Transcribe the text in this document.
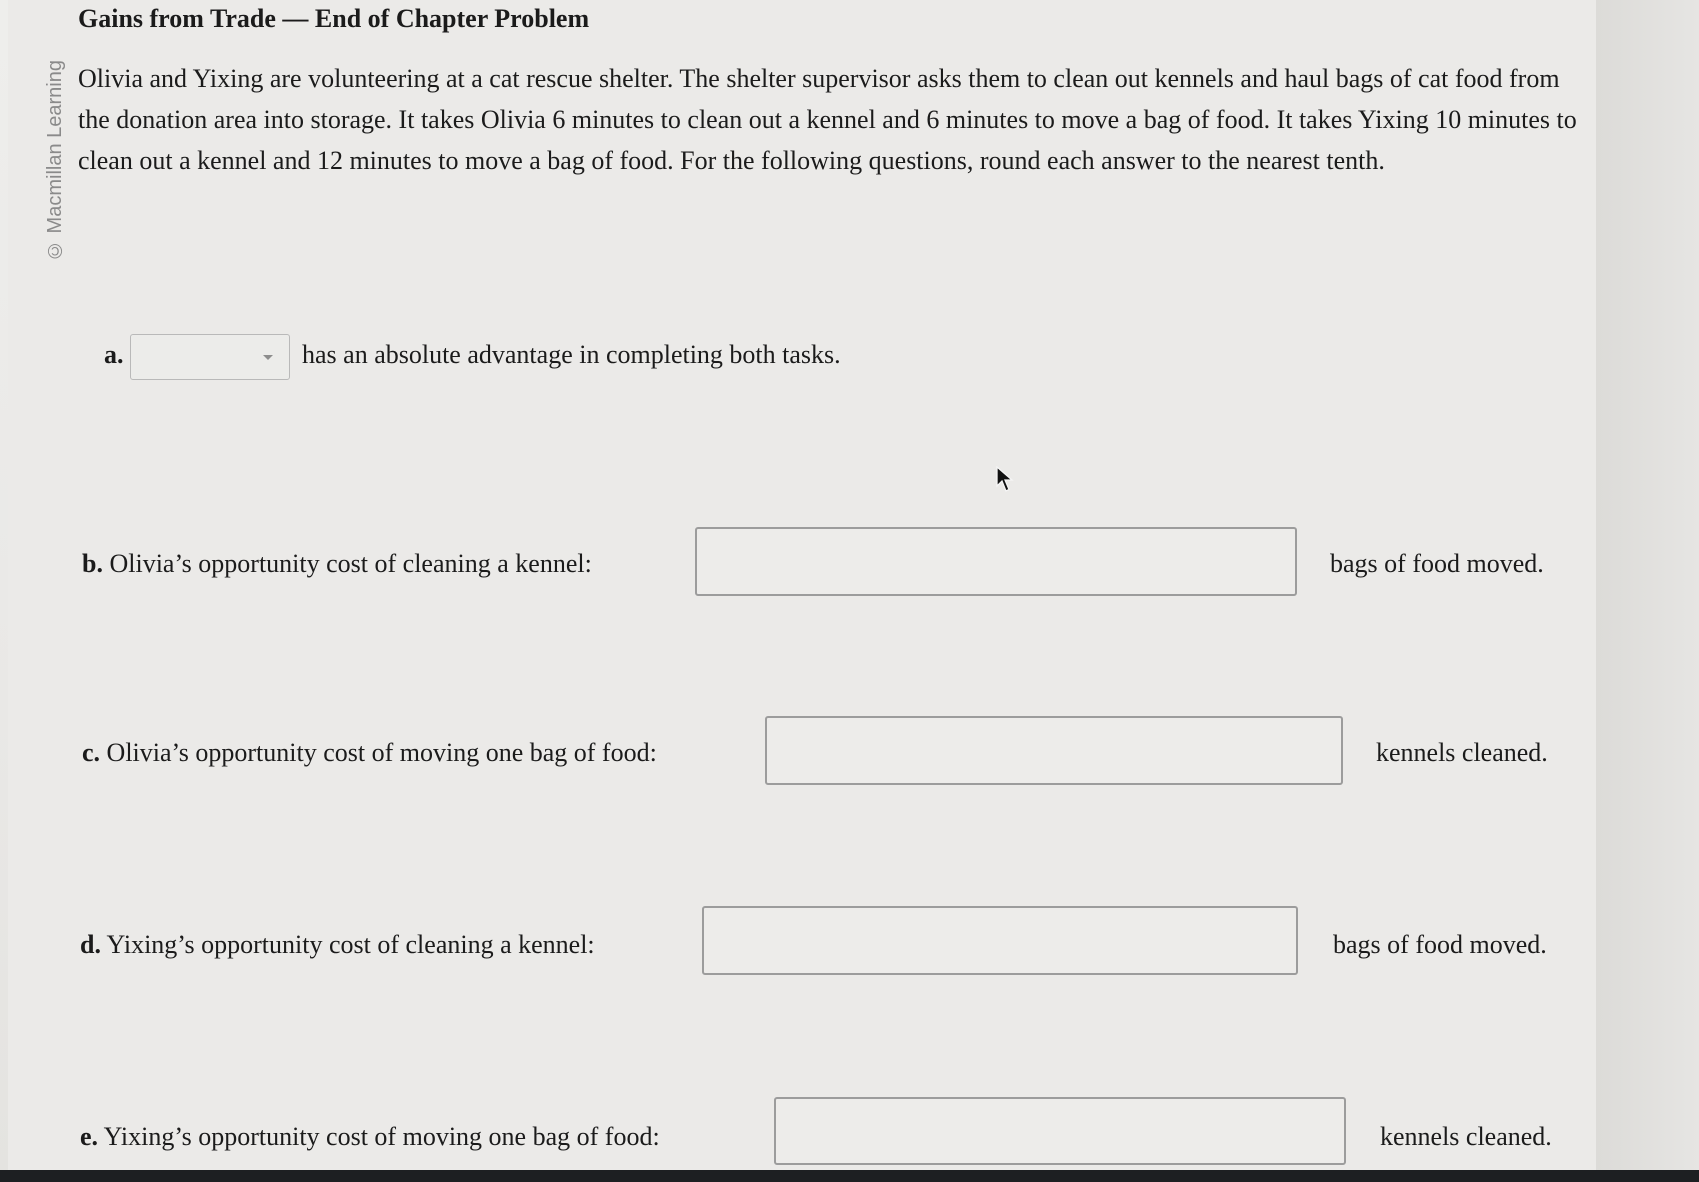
© Macmillan Learning
Gains from Trade — End of Chapter Problem
Olivia and Yixing are volunteering at a cat rescue shelter. The shelter supervisor asks them to clean out kennels and haul bags of cat food from the donation area into storage. It takes Olivia 6 minutes to clean out a kennel and 6 minutes to move a bag of food. It takes Yixing 10 minutes to clean out a kennel and 12 minutes to move a bag of food. For the following questions, round each answer to the nearest tenth.
a.	has an absolute advantage in completing both tasks.
b. Olivia’s opportunity cost of cleaning a kennel:	bags of food moved.
c. Olivia’s opportunity cost of moving one bag of food:	kennels cleaned.
d. Yixing’s opportunity cost of cleaning a kennel:	bags of food moved.
e. Yixing’s opportunity cost of moving one bag of food:	kennels cleaned.
